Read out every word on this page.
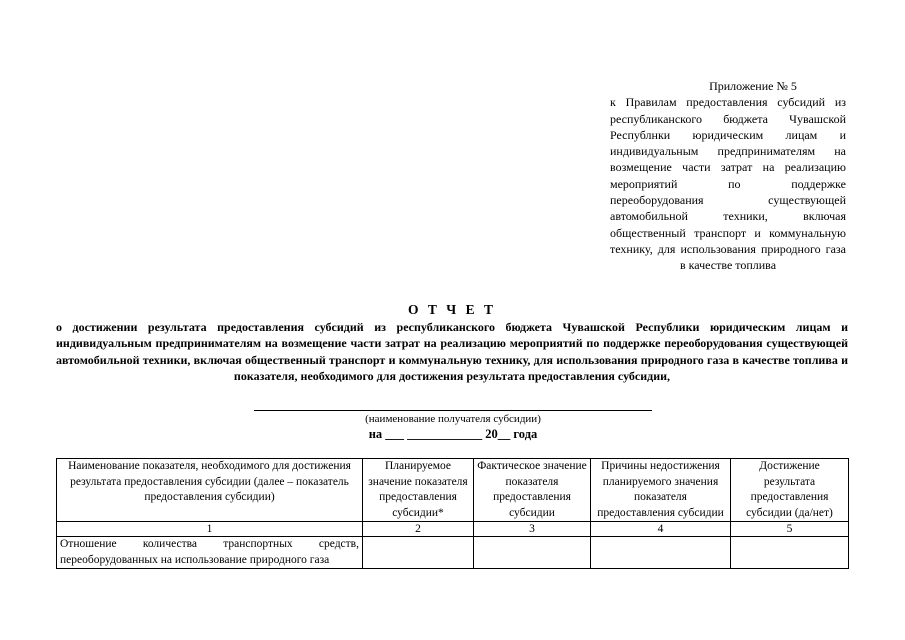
Приложение № 5
к Правилам предоставления субсидий из республиканского бюджета Чувашской Республнки юридическим лицам и индивидуальным предпринимателям на возмещение части затрат на реализацию мероприятий по поддержке переоборудования существующей автомобильной техники, включая общественный транспорт и коммунальную технику, для использования природного газа в качестве топлива
О Т Ч Е Т
о достижении результата предоставления субсидий из республиканского бюджета Чувашской Республики юридическим лицам и индивидуальным предпринимателям на возмещение части затрат на реализацию мероприятий по поддержке переоборудования существующей автомобильной техники, включая общественный транспорт и коммунальную технику, для использования природного газа в качестве топлива и показателя, необходимого для достижения результата предоставления субсидии,
(наименование получателя субсидии)
на ___ ____________ 20__ года
Наименование показателя, необходимого для достижения результата предоставления субсидии (далее – показатель предоставления субсидии)	Планируемое значение показателя предоставления субсидии*	Фактическое значение показателя предоставления субсидии	Причины недостижения планируемого значения показателя предоставления субсидии	Достижение результата предоставления субсидии (да/нет)
1	2	3	4	5
Отношение количества транспортных средств, переоборудованных на использование природного газа				
